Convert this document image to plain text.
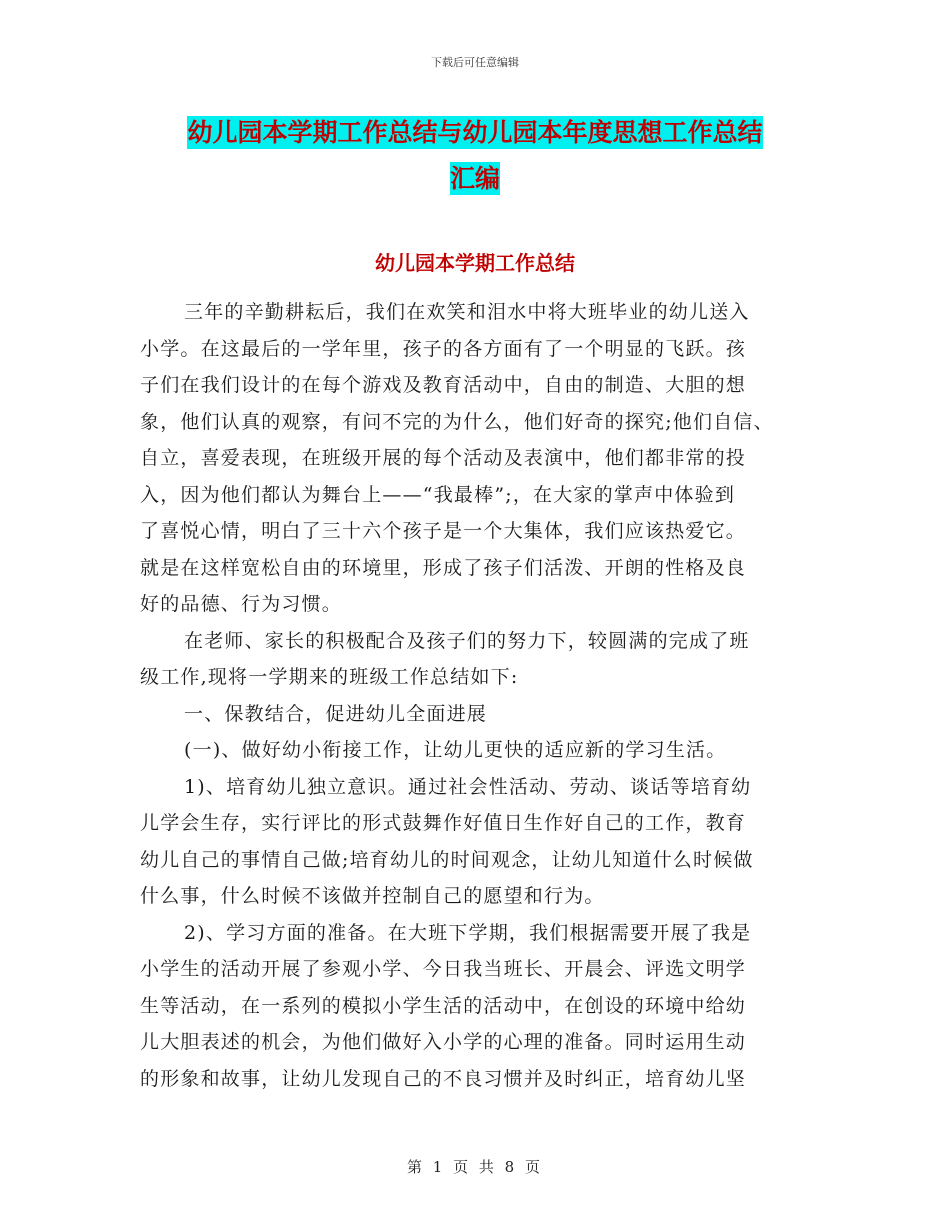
下载后可任意编辑
幼儿园本学期工作总结与幼儿园本年度思想工作总结
汇编
幼儿园本学期工作总结
三年的辛勤耕耘后，我们在欢笑和泪水中将大班毕业的幼儿送入
小学。在这最后的一学年里，孩子的各方面有了一个明显的飞跃。孩
子们在我们设计的在每个游戏及教育活动中，自由的制造、大胆的想
象，他们认真的观察，有问不完的为什么，他们好奇的探究;他们自信、
自立，喜爱表现，在班级开展的每个活动及表演中，他们都非常的投
入，因为他们都认为舞台上——“我最棒”;，在大家的掌声中体验到
了喜悦心情，明白了三十六个孩子是一个大集体，我们应该热爱它。
就是在这样宽松自由的环境里，形成了孩子们活泼、开朗的性格及良
好的品德、行为习惯。
在老师、家长的积极配合及孩子们的努力下，较圆满的完成了班
级工作,现将一学期来的班级工作总结如下:
一、保教结合，促进幼儿全面进展
(一)、做好幼小衔接工作，让幼儿更快的适应新的学习生活。
1)、培育幼儿独立意识。通过社会性活动、劳动、谈话等培育幼
儿学会生存，实行评比的形式鼓舞作好值日生作好自己的工作，教育
幼儿自己的事情自己做;培育幼儿的时间观念，让幼儿知道什么时候做
什么事，什么时候不该做并控制自己的愿望和行为。
2)、学习方面的准备。在大班下学期，我们根据需要开展了我是
小学生的活动开展了参观小学、今日我当班长、开晨会、评选文明学
生等活动，在一系列的模拟小学生活的活动中，在创设的环境中给幼
儿大胆表述的机会，为他们做好入小学的心理的准备。同时运用生动
的形象和故事，让幼儿发现自己的不良习惯并及时纠正，培育幼儿坚
第 1 页 共 8 页
